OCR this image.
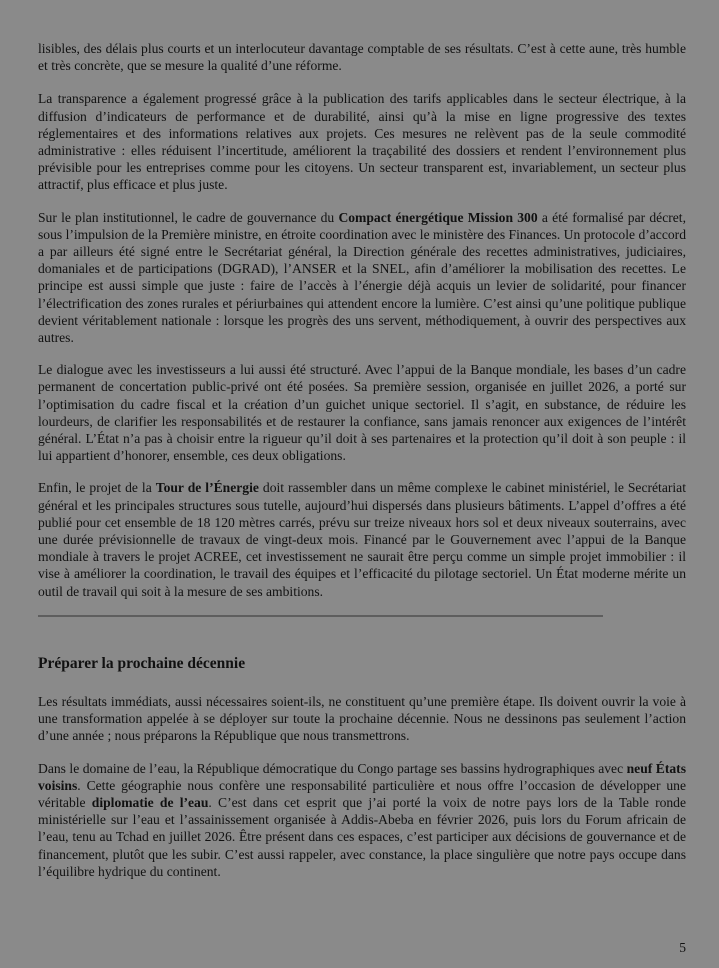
lisibles, des délais plus courts et un interlocuteur davantage comptable de ses résultats. C’est à cette aune, très humble et très concrète, que se mesure la qualité d’une réforme.

La transparence a également progressé grâce à la publication des tarifs applicables dans le secteur électrique, à la diffusion d’indicateurs de performance et de durabilité, ainsi qu’à la mise en ligne progressive des textes réglementaires et des informations relatives aux projets. Ces mesures ne relèvent pas de la seule commodité administrative : elles réduisent l’incertitude, améliorent la traçabilité des dossiers et rendent l’environnement plus prévisible pour les entreprises comme pour les citoyens. Un secteur transparent est, invariablement, un secteur plus attractif, plus efficace et plus juste.

Sur le plan institutionnel, le cadre de gouvernance du Compact énergétique Mission 300 a été formalisé par décret, sous l’impulsion de la Première ministre, en étroite coordination avec le ministère des Finances. Un protocole d’accord a par ailleurs été signé entre le Secrétariat général, la Direction générale des recettes administratives, judiciaires, domaniales et de participations (DGRAD), l’ANSER et la SNEL, afin d’améliorer la mobilisation des recettes. Le principe est aussi simple que juste : faire de l’accès à l’énergie déjà acquis un levier de solidarité, pour financer l’électrification des zones rurales et périurbaines qui attendent encore la lumière. C’est ainsi qu’une politique publique devient véritablement nationale : lorsque les progrès des uns servent, méthodiquement, à ouvrir des perspectives aux autres.

Le dialogue avec les investisseurs a lui aussi été structuré. Avec l’appui de la Banque mondiale, les bases d’un cadre permanent de concertation public-privé ont été posées. Sa première session, organisée en juillet 2026, a porté sur l’optimisation du cadre fiscal et la création d’un guichet unique sectoriel. Il s’agit, en substance, de réduire les lourdeurs, de clarifier les responsabilités et de restaurer la confiance, sans jamais renoncer aux exigences de l’intérêt général. L’État n’a pas à choisir entre la rigueur qu’il doit à ses partenaires et la protection qu’il doit à son peuple : il lui appartient d’honorer, ensemble, ces deux obligations.

Enfin, le projet de la Tour de l’Énergie doit rassembler dans un même complexe le cabinet ministériel, le Secrétariat général et les principales structures sous tutelle, aujourd’hui dispersés dans plusieurs bâtiments. L’appel d’offres a été publié pour cet ensemble de 18 120 mètres carrés, prévu sur treize niveaux hors sol et deux niveaux souterrains, avec une durée prévisionnelle de travaux de vingt-deux mois. Financé par le Gouvernement avec l’appui de la Banque mondiale à travers le projet ACREE, cet investissement ne saurait être perçu comme un simple projet immobilier : il vise à améliorer la coordination, le travail des équipes et l’efficacité du pilotage sectoriel. Un État moderne mérite un outil de travail qui soit à la mesure de ses ambitions.

Préparer la prochaine décennie

Les résultats immédiats, aussi nécessaires soient-ils, ne constituent qu’une première étape. Ils doivent ouvrir la voie à une transformation appelée à se déployer sur toute la prochaine décennie. Nous ne dessinons pas seulement l’action d’une année ; nous préparons la République que nous transmettrons.

Dans le domaine de l’eau, la République démocratique du Congo partage ses bassins hydrographiques avec neuf États voisins. Cette géographie nous confère une responsabilité particulière et nous offre l’occasion de développer une véritable diplomatie de l’eau. C’est dans cet esprit que j’ai porté la voix de notre pays lors de la Table ronde ministérielle sur l’eau et l’assainissement organisée à Addis-Abeba en février 2026, puis lors du Forum africain de l’eau, tenu au Tchad en juillet 2026. Être présent dans ces espaces, c’est participer aux décisions de gouvernance et de financement, plutôt que les subir. C’est aussi rappeler, avec constance, la place singulière que notre pays occupe dans l’équilibre hydrique du continent.

5
